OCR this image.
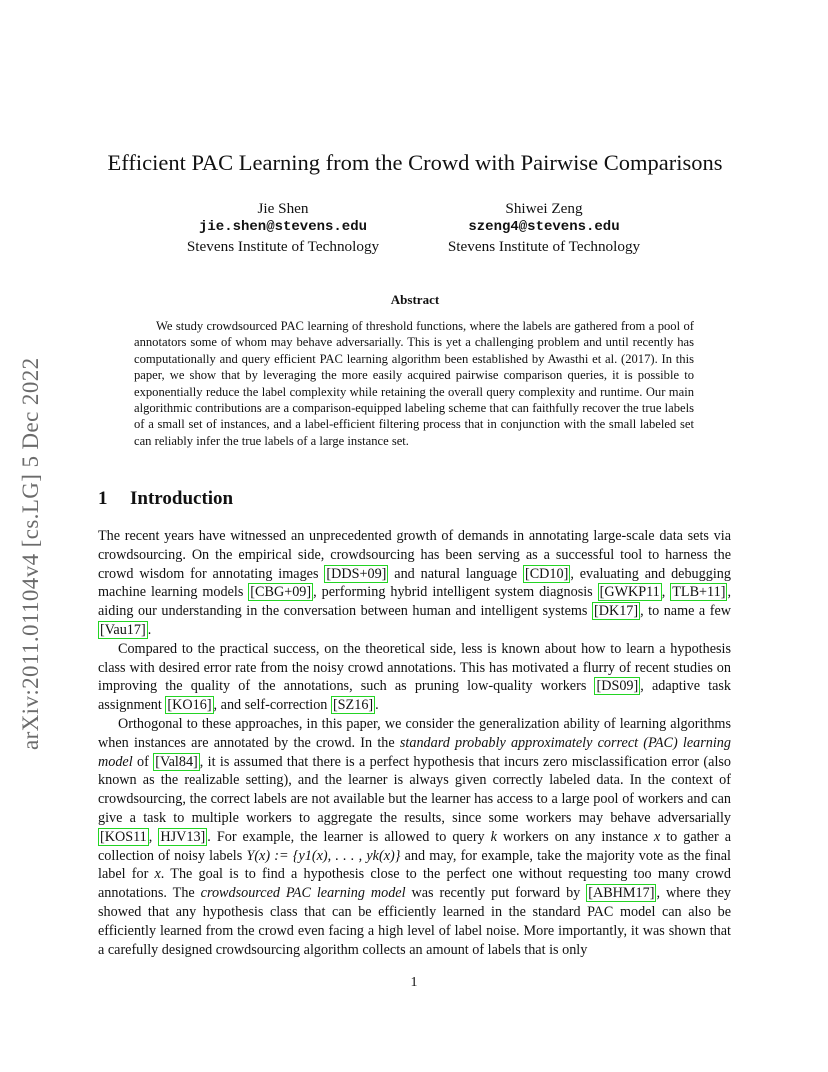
arXiv:2011.01104v4 [cs.LG] 5 Dec 2022
Efficient PAC Learning from the Crowd with Pairwise Comparisons
Jie Shen
jie.shen@stevens.edu
Stevens Institute of Technology
Shiwei Zeng
szeng4@stevens.edu
Stevens Institute of Technology
Abstract

We study crowdsourced PAC learning of threshold functions, where the labels are gathered from a pool of annotators some of whom may behave adversarially. This is yet a challenging problem and until recently has computationally and query efficient PAC learning algorithm been established by Awasthi et al. (2017). In this paper, we show that by leveraging the more easily acquired pairwise comparison queries, it is possible to exponentially reduce the label complexity while retaining the overall query complexity and runtime. Our main algorithmic contributions are a comparison-equipped labeling scheme that can faithfully recover the true labels of a small set of instances, and a label-efficient filtering process that in conjunction with the small labeled set can reliably infer the true labels of a large instance set.

1 Introduction

The recent years have witnessed an unprecedented growth of demands in annotating large-scale data sets via crowdsourcing. On the empirical side, crowdsourcing has been serving as a successful tool to harness the crowd wisdom for annotating images [DDS+09] and natural language [CD10] , evaluating and debugging machine learning models [CBG+09] , performing hybrid intelligent system diagnosis [GWKP11 , TLB+11] , aiding our understanding in the conversation between human and intelligent systems [DK17] , to name a few [Vau17] .

Compared to the practical success, on the theoretical side, less is known about how to learn a hypothesis class with desired error rate from the noisy crowd annotations. This has motivated a flurry of recent studies on improving the quality of the annotations, such as pruning low-quality workers [DS09] , adaptive task assignment [KO16] , and self-correction [SZ16] .

Orthogonal to these approaches, in this paper, we consider the generalization ability of learning algorithms when instances are annotated by the crowd. In the standard probably approximately correct (PAC) learning model of [Val84] , it is assumed that there is a perfect hypothesis that incurs zero misclassification error (also known as the realizable setting), and the learner is always given correctly labeled data. In the context of crowdsourcing, the correct labels are not available but the learner has access to a large pool of workers and can give a task to multiple workers to aggregate the results, since some workers may behave adversarially [KOS11 , HJV13] . For example, the learner is allowed to query k workers on any instance x to gather a collection of noisy labels Y(x) := {y1(x), . . . , yk(x)} and may, for example, take the majority vote as the final label for x. The goal is to find a hypothesis close to the perfect one without requesting too many crowd annotations. The crowdsourced PAC learning model was recently put forward by [ABHM17] , where they showed that any hypothesis class that can be efficiently learned in the standard PAC model can also be efficiently learned from the crowd even facing a high level of label noise. More importantly, it was shown that a carefully designed crowdsourcing algorithm collects an amount of labels that is only

1
